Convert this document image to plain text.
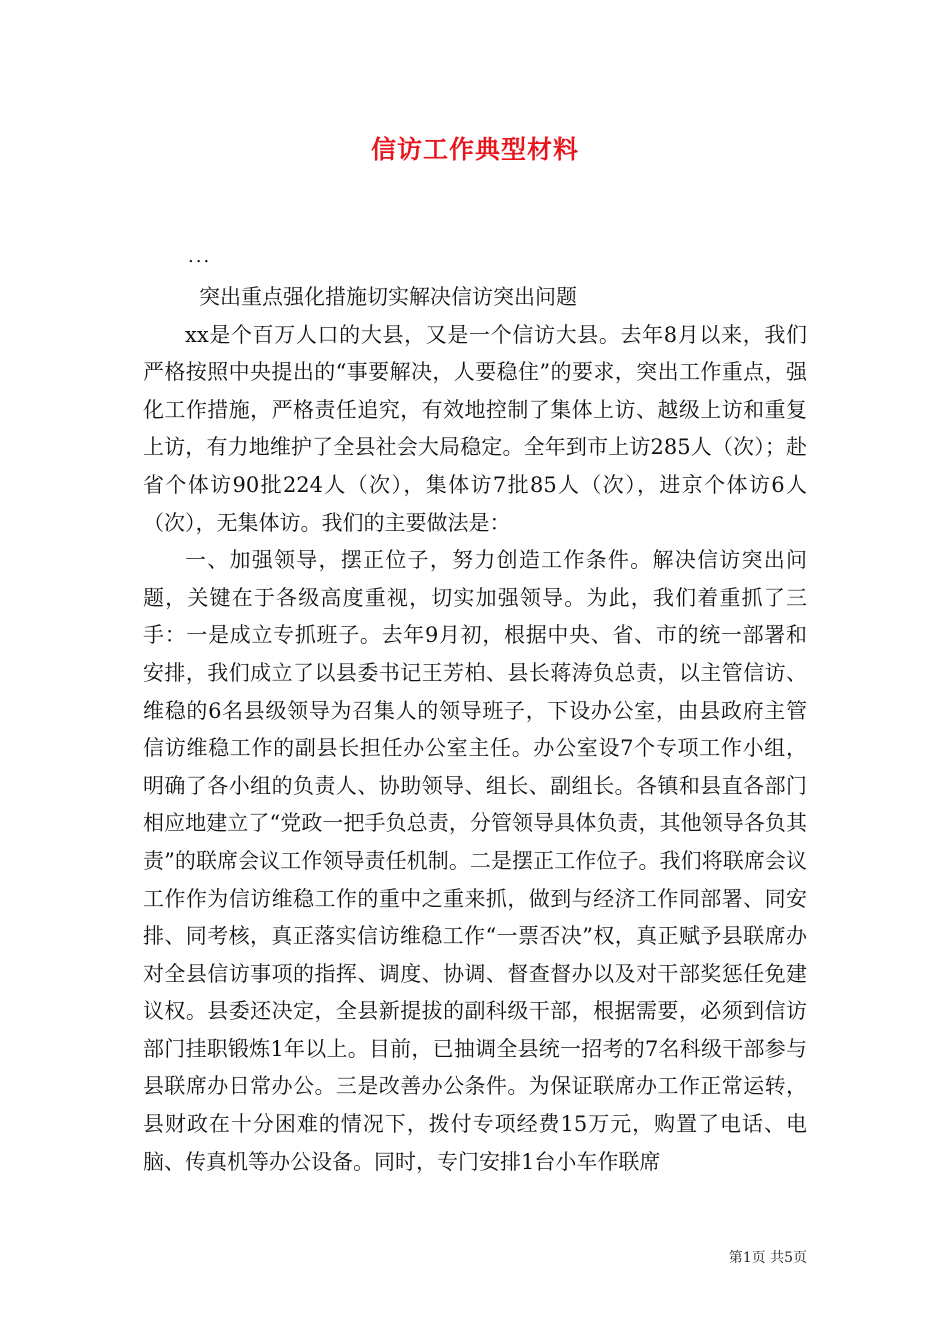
信访工作典型材料
...

突出重点强化措施切实解决信访突出问题

xx是个百万人口的大县，又是一个信访大县。去年8月以来，我们严格按照中央提出的“事要解决，人要稳住”的要求，突出工作重点，强化工作措施，严格责任追究，有效地控制了集体上访、越级上访和重复上访，有力地维护了全县社会大局稳定。全年到市上访285人（次）；赴省个体访90批224人（次），集体访7批85人（次），进京个体访6人（次），无集体访。我们的主要做法是：

一、加强领导，摆正位子，努力创造工作条件。解决信访突出问题，关键在于各级高度重视，切实加强领导。为此，我们着重抓了三手：一是成立专抓班子。去年9月初，根据中央、省、市的统一部署和安排，我们成立了以县委书记王芳柏、县长蒋涛负总责，以主管信访、维稳的6名县级领导为召集人的领导班子，下设办公室，由县政府主管信访维稳工作的副县长担任办公室主任。办公室设7个专项工作小组，明确了各小组的负责人、协助领导、组长、副组长。各镇和县直各部门相应地建立了“党政一把手负总责，分管领导具体负责，其他领导各负其责”的联席会议工作领导责任机制。二是摆正工作位子。我们将联席会议工作作为信访维稳工作的重中之重来抓，做到与经济工作同部署、同安排、同考核，真正落实信访维稳工作“一票否决”权，真正赋予县联席办对全县信访事项的指挥、调度、协调、督查督办以及对干部奖惩任免建议权。县委还决定，全县新提拔的副科级干部，根据需要，必须到信访部门挂职锻炼1年以上。目前，已抽调全县统一招考的7名科级干部参与县联席办日常办公。三是改善办公条件。为保证联席办工作正常运转，县财政在十分困难的情况下，拨付专项经费15万元，购置了电话、电脑、传真机等办公设备。同时，专门安排1台小车作联席

第1页 共5页
